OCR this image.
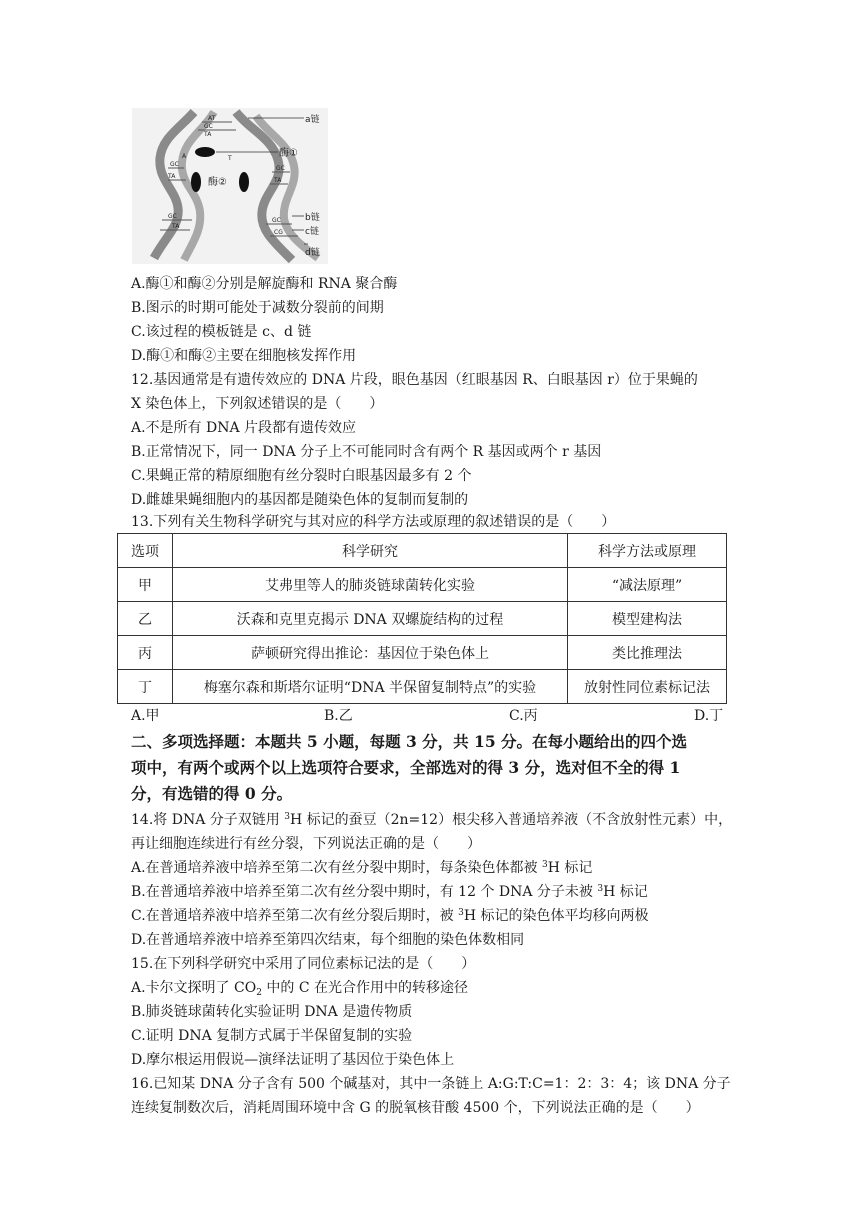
a链
酶①
酶②
b链
c链
d链
AT
GC
TA
A	T
GC
TA
GC
TA
GC
TA
GC
CG
A.酶①和酶②分别是解旋酶和 RNA 聚合酶
B.图示的时期可能处于减数分裂前的间期
C.该过程的模板链是 c、d 链
D.酶①和酶②主要在细胞核发挥作用
12.基因通常是有遗传效应的 DNA 片段，眼色基因（红眼基因 R、白眼基因 r）位于果蝇的
X 染色体上，下列叙述错误的是（　　）
A.不是所有 DNA 片段都有遗传效应
B.正常情况下，同一 DNA 分子上不可能同时含有两个 R 基因或两个 r 基因
C.果蝇正常的精原细胞有丝分裂时白眼基因最多有 2 个
D.雌雄果蝇细胞内的基因都是随染色体的复制而复制的
13.下列有关生物科学研究与其对应的科学方法或原理的叙述错误的是（　　）
选项	科学研究	科学方法或原理
甲	艾弗里等人的肺炎链球菌转化实验	“减法原理”
乙	沃森和克里克揭示 DNA 双螺旋结构的过程	模型建构法
丙	萨顿研究得出推论：基因位于染色体上	类比推理法
丁	梅塞尔森和斯塔尔证明“DNA 半保留复制特点”的实验	放射性同位素标记法
A.甲	B.乙	C.丙	D.丁
二、多项选择题：本题共 5 小题，每题 3 分，共 15 分。在每小题给出的四个选
项中，有两个或两个以上选项符合要求，全部选对的得 3 分，选对但不全的得 1
分，有选错的得 0 分。
14.将 DNA 分子双链用 $^3$H 标记的蚕豆（2n=12）根尖移入普通培养液（不含放射性元素）中，
再让细胞连续进行有丝分裂，下列说法正确的是（　　）
A.在普通培养液中培养至第二次有丝分裂中期时，每条染色体都被 $^3$H 标记
B.在普通培养液中培养至第二次有丝分裂中期时，有 12 个 DNA 分子未被 $^3$H 标记
C.在普通培养液中培养至第二次有丝分裂后期时，被 $^3$H 标记的染色体平均移向两极
D.在普通培养液中培养至第四次结束，每个细胞的染色体数相同
15.在下列科学研究中采用了同位素标记法的是（　　）
A.卡尔文探明了 $CO_2$ 中的 C 在光合作用中的转移途径
B.肺炎链球菌转化实验证明 DNA 是遗传物质
C.证明 DNA 复制方式属于半保留复制的实验
D.摩尔根运用假说—演绎法证明了基因位于染色体上
16.已知某 DNA 分子含有 500 个碱基对，其中一条链上 A:G:T:C=1：2：3：4；该 DNA 分子
连续复制数次后，消耗周围环境中含 G 的脱氧核苷酸 4500 个，下列说法正确的是（　　）
